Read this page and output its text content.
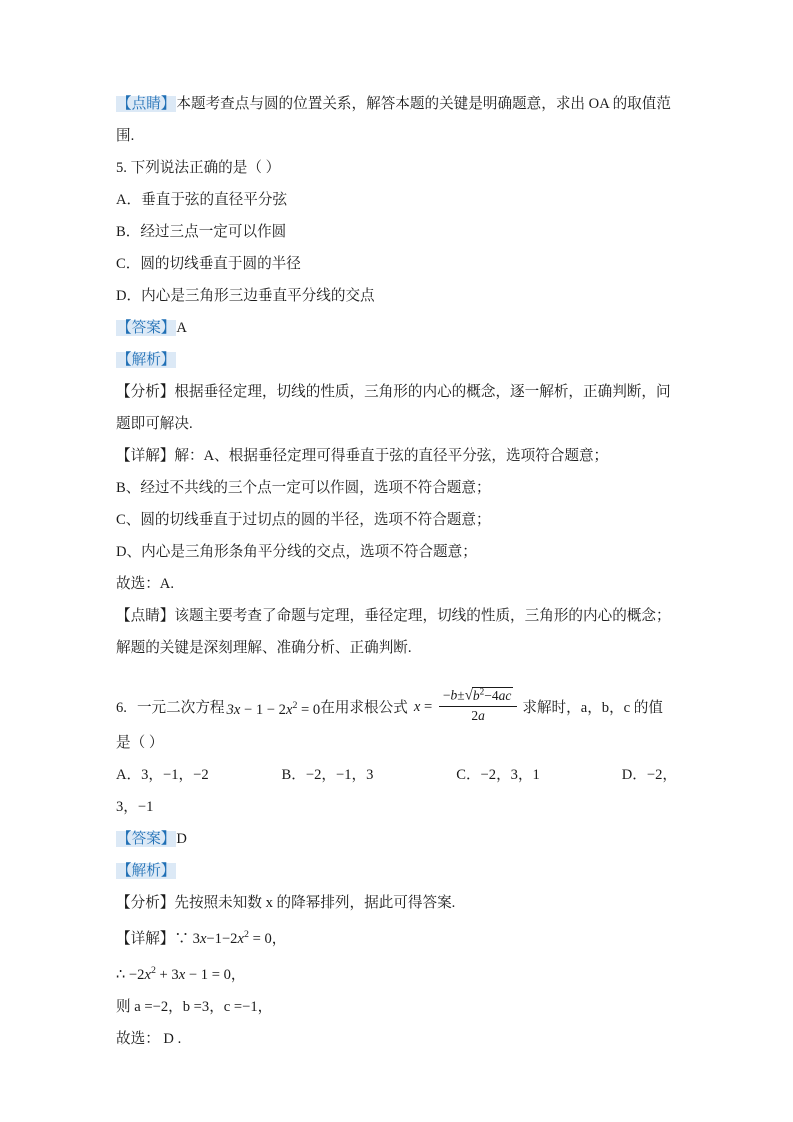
【点睛】本题考查点与圆的位置关系，解答本题的关键是明确题意，求出 OA 的取值范围.
5. 下列说法正确的是（ ）
A．垂直于弦的直径平分弦
B．经过三点一定可以作圆
C．圆的切线垂直于圆的半径
D．内心是三角形三边垂直平分线的交点
【答案】A
【解析】
【分析】根据垂径定理，切线的性质，三角形的内心的概念，逐一解析，正确判断，问题即可解决.
【详解】解：A、根据垂径定理可得垂直于弦的直径平分弦，选项符合题意；
B、经过不共线的三个点一定可以作圆，选项不符合题意；
C、圆的切线垂直于过切点的圆的半径，选项不符合题意；
D、内心是三角形条角平分线的交点，选项不符合题意；
故选：A.
【点睛】该题主要考查了命题与定理，垂径定理，切线的性质，三角形的内心的概念；解题的关键是深刻理解、准确分析、正确判断.
6. 一元二次方程 $3x - 1 - 2x^2 = 0$ 在用求根公式 $x = \frac{-b\pm√b^2-4ac}{2a}$ 求解时，a，b，c 的值
是（ ）
A．3，−1，−2	B．−2，−1，3	C．−2，3，1	D．−2，
3，−1
【答案】D
【解析】
【分析】先按照未知数 x 的降幂排列，据此可得答案.
【详解】∵ $3x-1-2x^2 = 0$，
∴ $-2x^2 + 3x - 1 = 0$，
则 a =−2，b =3，c =−1，
故选： D .
